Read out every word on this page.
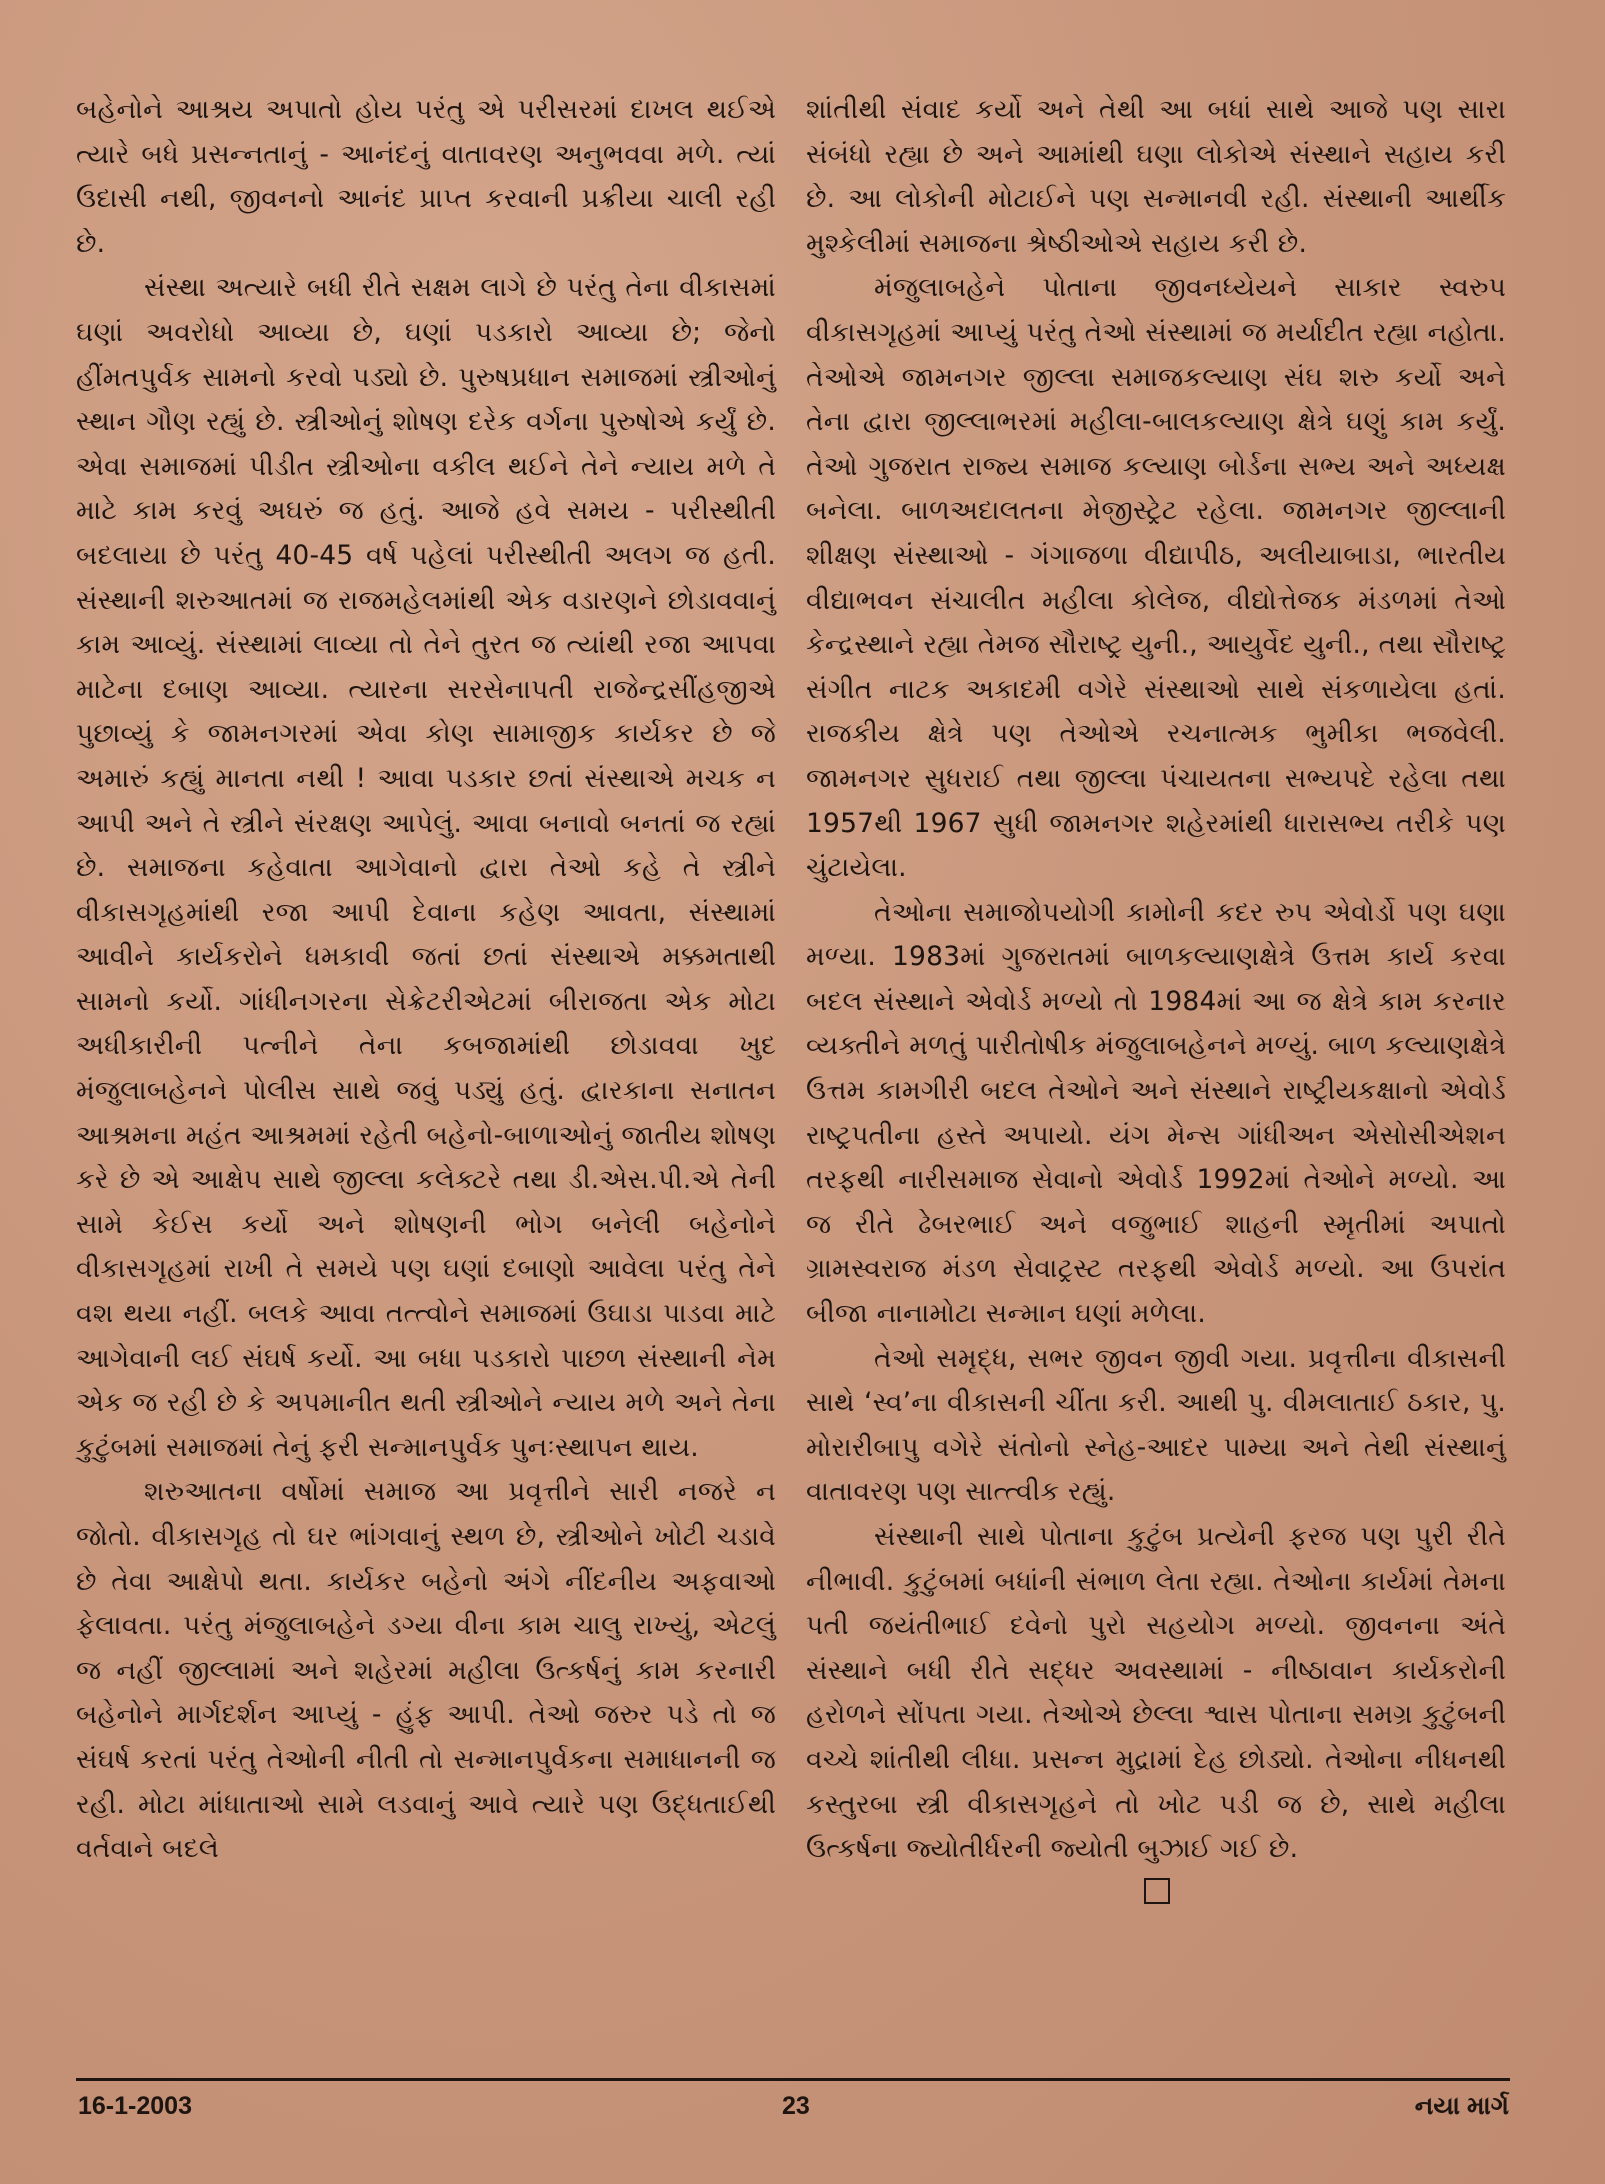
બહેનોને આશ્રય અપાતો હોય પરંતુ એ પરીસરમાં દાખલ થઈએ ત્યારે બધે પ્રસન્નતાનું - આનંદનું વાતાવરણ અનુભવવા મળે. ત્યાં ઉદાસી નથી, જીવનનો આનંદ પ્રાપ્ત કરવાની પ્રક્રીયા ચાલી રહી છે.

સંસ્થા અત્યારે બધી રીતે સક્ષમ લાગે છે પરંતુ તેના વીકાસમાં ઘણાં અવરોધો આવ્યા છે, ઘણાં પડકારો આવ્યા છે; જેનો હીંમતપુર્વક સામનો કરવો પડ્યો છે. પુરુષપ્રધાન સમાજમાં સ્ત્રીઓનું સ્થાન ગૌણ રહ્યું છે. સ્ત્રીઓનું શોષણ દરેક વર્ગના પુરુષોએ કર્યું છે. એવા સમાજમાં પીડીત સ્ત્રીઓના વકીલ થઈને તેને ન્યાય મળે તે માટે કામ કરવું અઘરું જ હતું. આજે હવે સમય - પરીસ્થીતી બદલાયા છે પરંતુ 40-45 વર્ષ પહેલાં પરીસ્થીતી અલગ જ હતી. સંસ્થાની શરુઆતમાં જ રાજમહેલમાંથી એક વડારણને છોડાવવાનું કામ આવ્યું. સંસ્થામાં લાવ્યા તો તેને તુરત જ ત્યાંથી રજા આપવા માટેના દબાણ આવ્યા. ત્યારના સરસેનાપતી રાજેન્દ્રસીંહજીએ પુછાવ્યું કે જામનગરમાં એવા કોણ સામાજીક કાર્યકર છે જે અમારું કહ્યું માનતા નથી ! આવા પડકાર છતાં સંસ્થાએ મચક ન આપી અને તે સ્ત્રીને સંરક્ષણ આપેલું. આવા બનાવો બનતાં જ રહ્યાં છે. સમાજના કહેવાતા આગેવાનો દ્વારા તેઓ કહે તે સ્ત્રીને વીકાસગૃહમાંથી રજા આપી દેવાના કહેણ આવતા, સંસ્થામાં આવીને કાર્યકરોને ધમકાવી જતાં છતાં સંસ્થાએ મક્કમતાથી સામનો કર્યો. ગાંધીનગરના સેક્રેટરીએટમાં બીરાજતા એક મોટા અધીકારીની પત્નીને તેના કબજામાંથી છોડાવવા ખુદ મંજુલાબહેનને પોલીસ સાથે જવું પડ્યું હતું. દ્વારકાના સનાતન આશ્રમના મહંત આશ્રમમાં રહેતી બહેનો-બાળાઓનું જાતીય શોષણ કરે છે એ આક્ષેપ સાથે જીલ્લા કલેક્ટરે તથા ડી.એસ.પી.એ તેની સામે કેઈસ કર્યો અને શોષણની ભોગ બનેલી બહેનોને વીકાસગૃહમાં રાખી તે સમયે પણ ઘણાં દબાણો આવેલા પરંતુ તેને વશ થયા નહીં. બલકે આવા તત્ત્વોને સમાજમાં ઉઘાડા પાડવા માટે આગેવાની લઈ સંઘર્ષ કર્યો. આ બધા પડકારો પાછળ સંસ્થાની નેમ એક જ રહી છે કે અપમાનીત થતી સ્ત્રીઓને ન્યાય મળે અને તેના કુટુંબમાં સમાજમાં તેનું ફરી સન્માનપુર્વક પુનઃસ્થાપન થાય.

શરુઆતના વર્ષોમાં સમાજ આ પ્રવૃત્તીને સારી નજરે ન જોતો. વીકાસગૃહ તો ઘર ભાંગવાનું સ્થળ છે, સ્ત્રીઓને ખોટી ચડાવે છે તેવા આક્ષેપો થતા. કાર્યકર બહેનો અંગે નીંદનીય અફવાઓ ફેલાવતા. પરંતુ મંજુલાબહેને ડગ્યા વીના કામ ચાલુ રાખ્યું, એટલું જ નહીં જીલ્લામાં અને શહેરમાં મહીલા ઉત્કર્ષનું કામ કરનારી બહેનોને માર્ગદર્શન આપ્યું - હુંફ આપી. તેઓ જરુર પડે તો જ સંઘર્ષ કરતાં પરંતુ તેઓની નીતી તો સન્માનપુર્વકના સમાધાનની જ રહી. મોટા માંધાતાઓ સામે લડવાનું આવે ત્યારે પણ ઉદ્ધતાઈથી વર્તવાને બદલે

શાંતીથી સંવાદ કર્યો અને તેથી આ બધાં સાથે આજે પણ સારા સંબંધો રહ્યા છે અને આમાંથી ઘણા લોકોએ સંસ્થાને સહાય કરી છે. આ લોકોની મોટાઈને પણ સન્માનવી રહી. સંસ્થાની આર્થીક મુશ્કેલીમાં સમાજના શ્રેષ્ઠીઓએ સહાય કરી છે.

મંજુલાબહેને પોતાના જીવનધ્યેયને સાકાર સ્વરુપ વીકાસગૃહમાં આપ્યું પરંતુ તેઓ સંસ્થામાં જ મર્યાદીત રહ્યા નહોતા. તેઓએ જામનગર જીલ્લા સમાજકલ્યાણ સંઘ શરુ કર્યો અને તેના દ્વારા જીલ્લાભરમાં મહીલા-બાલકલ્યાણ ક્ષેત્રે ઘણું કામ કર્યું. તેઓ ગુજરાત રાજ્ય સમાજ કલ્યાણ બોર્ડના સભ્ય અને અધ્યક્ષ બનેલા. બાળઅદાલતના મેજીસ્ટ્રેટ રહેલા. જામનગર જીલ્લાની શીક્ષણ સંસ્થાઓ - ગંગાજળા વીદ્યાપીઠ, અલીયાબાડા, ભારતીય વીદ્યાભવન સંચાલીત મહીલા કોલેજ, વીદ્યોત્તેજક મંડળમાં તેઓ કેન્દ્રસ્થાને રહ્યા તેમજ સૌરાષ્ટ્ર યુની., આયુર્વેદ યુની., તથા સૌરાષ્ટ્ર સંગીત નાટક અકાદમી વગેરે સંસ્થાઓ સાથે સંકળાયેલા હતાં. રાજકીય ક્ષેત્રે પણ તેઓએ રચનાત્મક ભુમીકા ભજવેલી. જામનગર સુધરાઈ તથા જીલ્લા પંચાયતના સભ્યપદે રહેલા તથા 1957થી 1967 સુધી જામનગર શહેરમાંથી ધારાસભ્ય તરીકે પણ ચુંટાયેલા.

તેઓના સમાજોપયોગી કામોની કદર રુપ એવોર્ડો પણ ઘણા મળ્યા. 1983માં ગુજરાતમાં બાળકલ્યાણક્ષેત્રે ઉત્તમ કાર્ય કરવા બદલ સંસ્થાને એવોર્ડ મળ્યો તો 1984માં આ જ ક્ષેત્રે કામ કરનાર વ્યક્તીને મળતું પારીતોષીક મંજુલાબહેનને મળ્યું. બાળ કલ્યાણક્ષેત્રે ઉત્તમ કામગીરી બદલ તેઓને અને સંસ્થાને રાષ્ટ્રીયકક્ષાનો એવોર્ડ રાષ્ટ્રપતીના હસ્તે અપાયો. યંગ મેન્સ ગાંધીઅન એસોસીએશન તરફથી નારીસમાજ સેવાનો એવોર્ડ 1992માં તેઓને મળ્યો. આ જ રીતે ઢેબરભાઈ અને વજુભાઈ શાહની સ્મૃતીમાં અપાતો ગ્રામસ્વરાજ મંડળ સેવાટ્રસ્ટ તરફથી એવોર્ડ મળ્યો. આ ઉપરાંત બીજા નાનામોટા સન્માન ઘણાં મળેલા.

તેઓ સમૃદ્ધ, સભર જીવન જીવી ગયા. પ્રવૃત્તીના વીકાસની સાથે ‘સ્વ’ના વીકાસની ચીંતા કરી. આથી પુ. વીમલાતાઈ ઠકાર, પુ. મોરારીબાપુ વગેરે સંતોનો સ્નેહ-આદર પામ્યા અને તેથી સંસ્થાનું વાતાવરણ પણ સાત્ત્વીક રહ્યું.

સંસ્થાની સાથે પોતાના કુટુંબ પ્રત્યેની ફરજ પણ પુરી રીતે નીભાવી. કુટુંબમાં બધાંની સંભાળ લેતા રહ્યા. તેઓના કાર્યમાં તેમના પતી જયંતીભાઈ દવેનો પુરો સહયોગ મળ્યો. જીવનના અંતે સંસ્થાને બધી રીતે સદ્ધર અવસ્થામાં - નીષ્ઠાવાન કાર્યકરોની હરોળને સોંપતા ગયા. તેઓએ છેલ્લા શ્વાસ પોતાના સમગ્ર કુટુંબની વચ્ચે શાંતીથી લીધા. પ્રસન્ન મુદ્રામાં દેહ છોડ્યો. તેઓના નીધનથી કસ્તુરબા સ્ત્રી વીકાસગૃહને તો ખોટ પડી જ છે, સાથે મહીલા ઉત્કર્ષના જ્યોતીર્ધરની જ્યોતી બુઝાઈ ગઈ છે.

16-1-2003	23	નયા માર્ગ
